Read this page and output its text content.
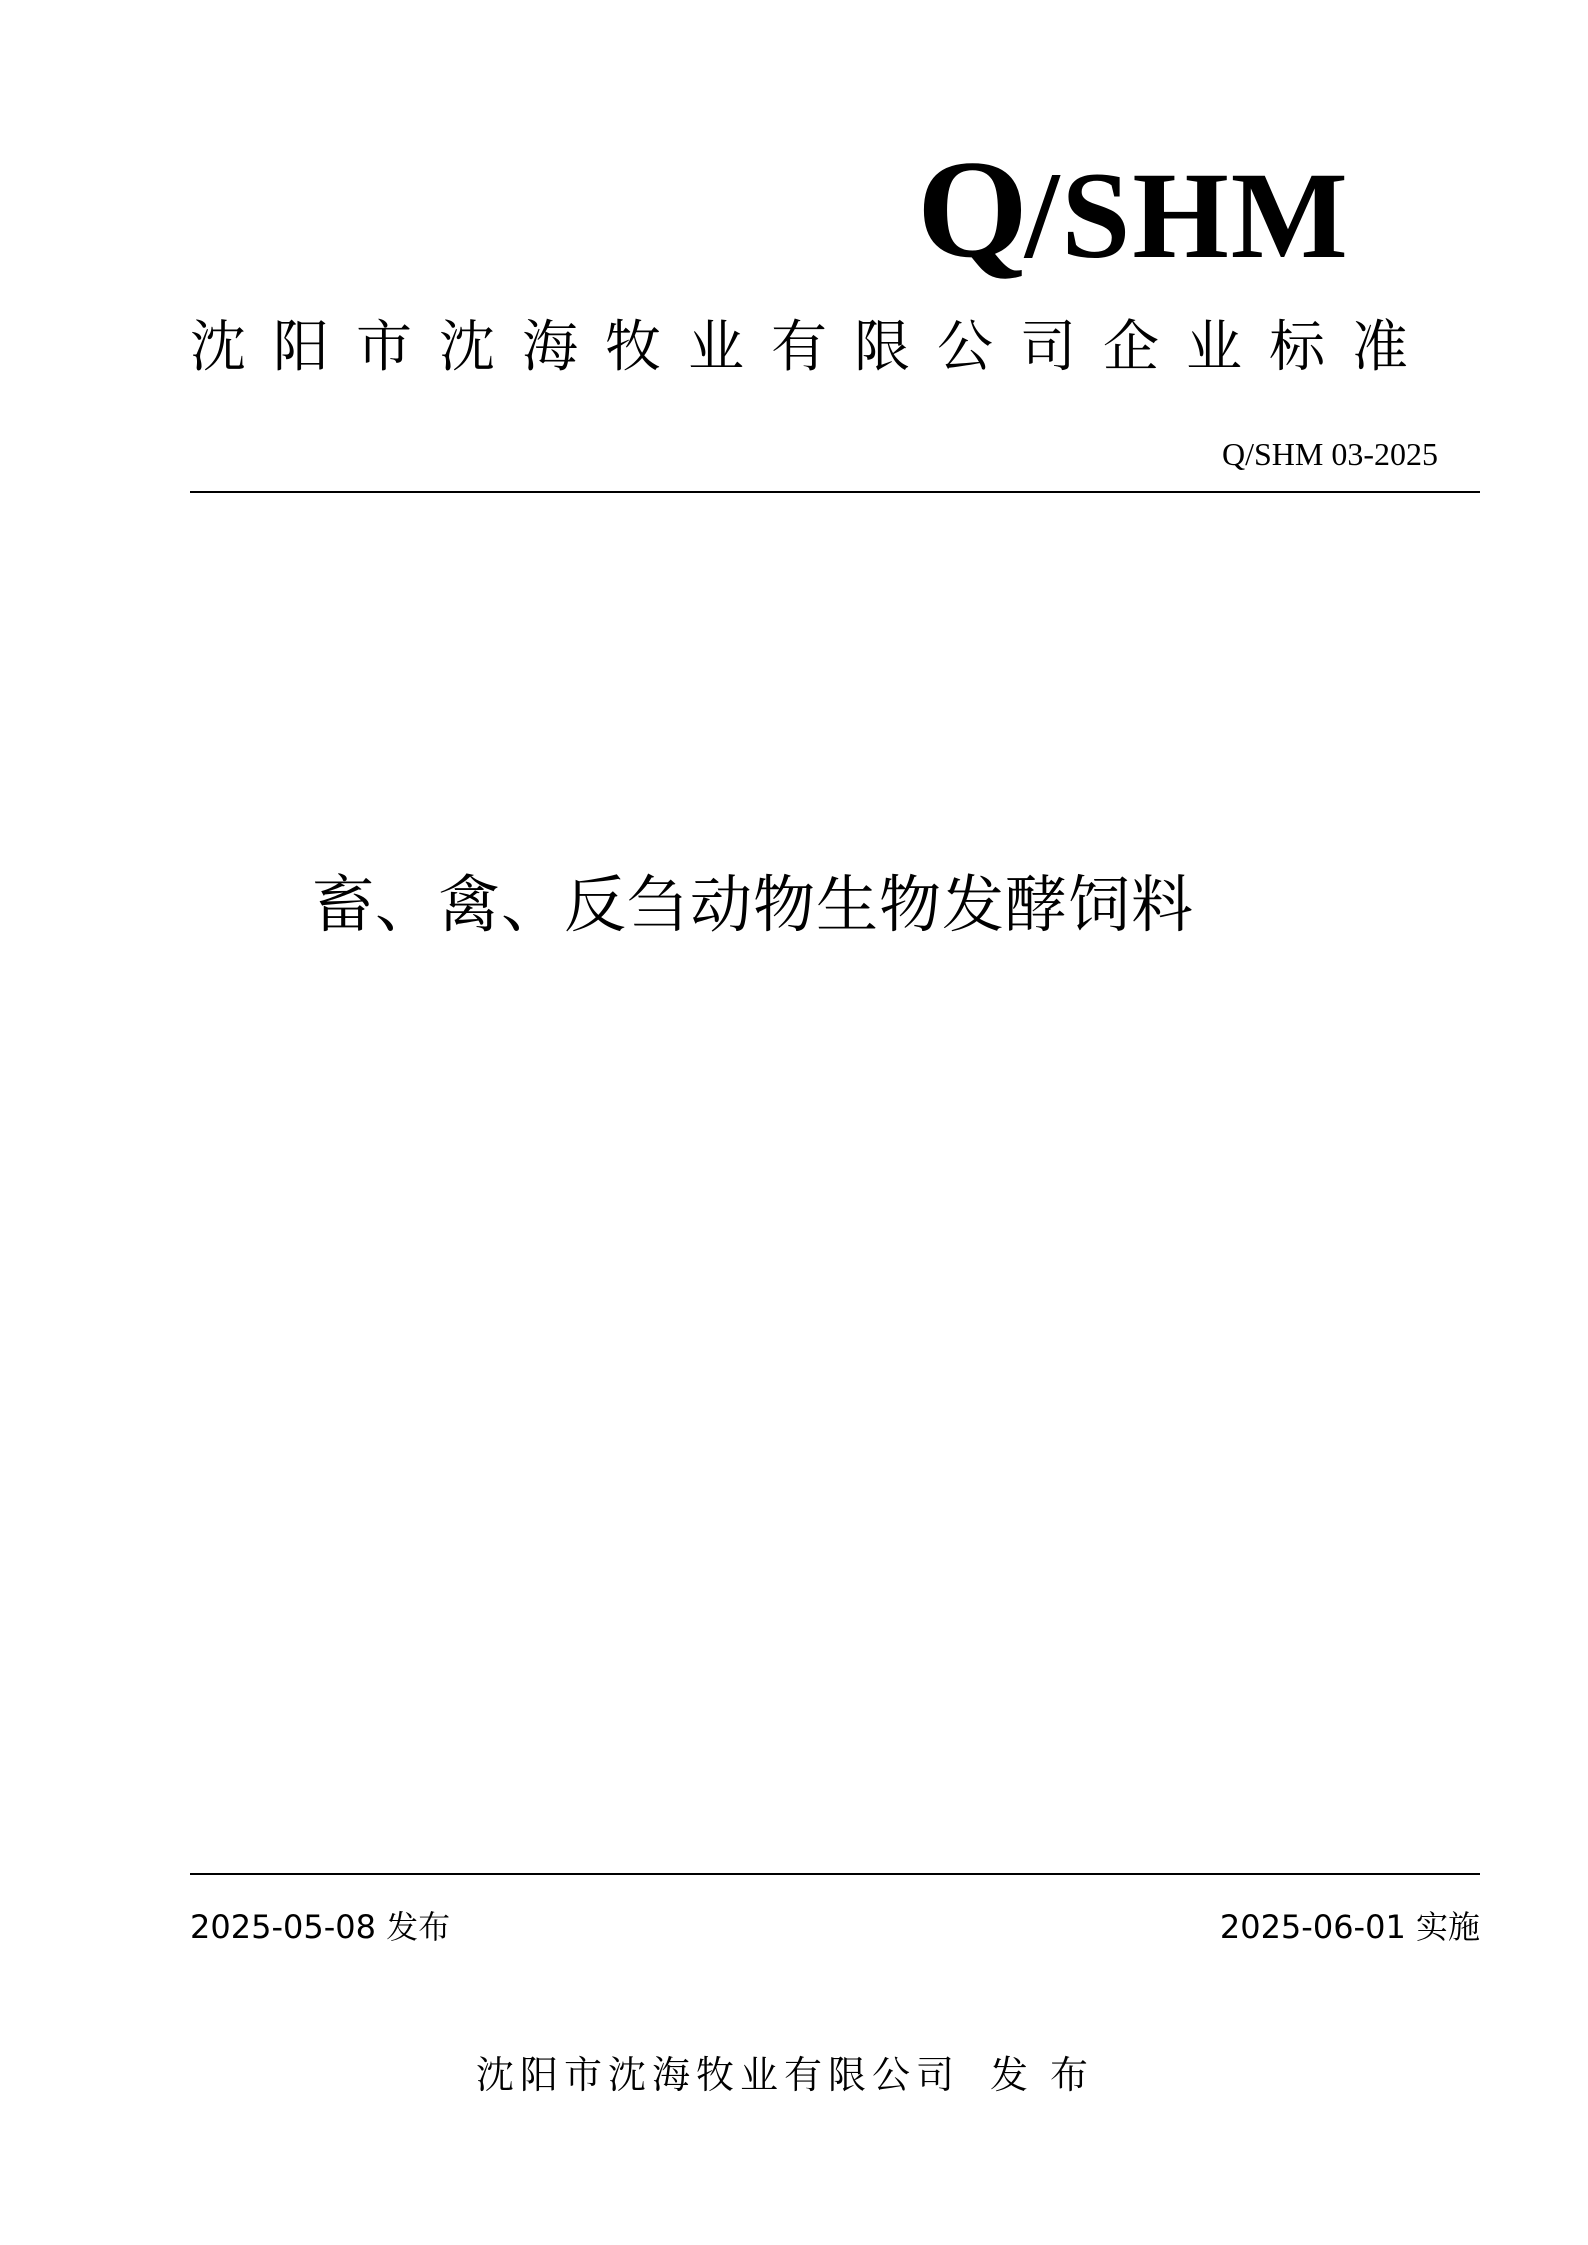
Q
/SHM
沈阳市沈海牧业有限公司企业标准
Q/SHM 03-2025
畜、禽、反刍动物生物发酵饲料
2025-05-08 发布	2025-06-01 实施
沈阳市沈海牧业有限公司 发布
